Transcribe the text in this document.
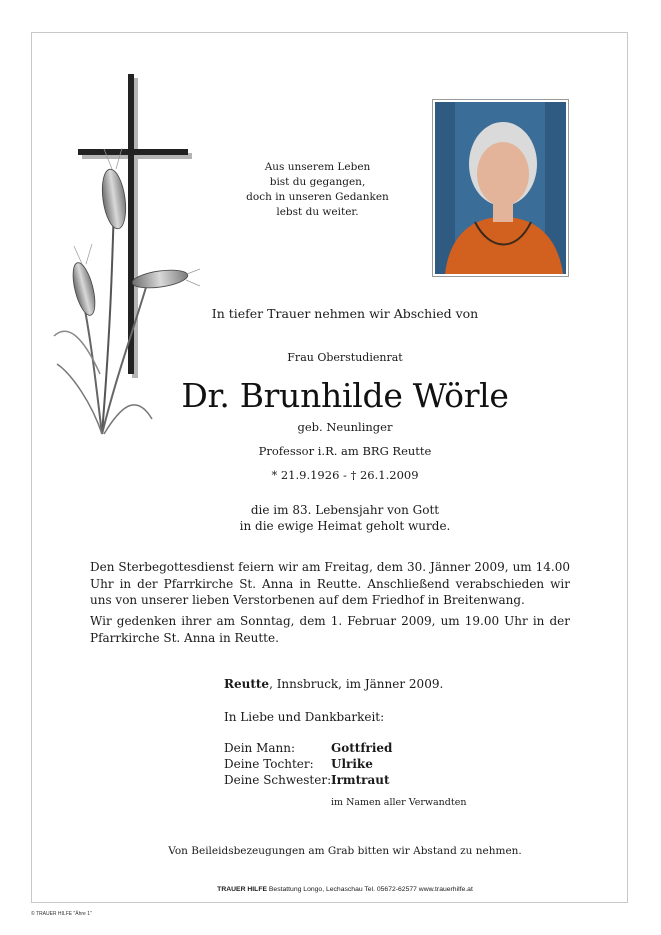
Aus unserem Leben
bist du gegangen,
doch in unseren Gedanken
lebst du weiter.
In tiefer Trauer nehmen wir Abschied von
Frau Oberstudienrat
Dr. Brunhilde Wörle
geb. Neunlinger
Professor i.R. am BRG Reutte
* 21.9.1926 - † 26.1.2009
die im 83. Lebensjahr von Gott
in die ewige Heimat geholt wurde.
Den Sterbegottesdienst feiern wir am Freitag, dem 30. Jänner 2009, um 14.00 Uhr in der Pfarrkirche St. Anna in Reutte. Anschließend verabschieden wir uns von unserer lieben Verstorbenen auf dem Friedhof in Breitenwang.
Wir gedenken ihrer am Sonntag, dem 1. Februar 2009, um 19.00 Uhr in der Pfarrkirche St. Anna in Reutte.
Reutte, Innsbruck, im Jänner 2009.
In Liebe und Dankbarkeit:
Dein Mann:	Gottfried
Deine Tochter: Ulrike
Deine Schwester: Irmtraut
im Namen aller Verwandten
Von Beileidsbezeugungen am Grab bitten wir Abstand zu nehmen.
TRAUER HILFE Bestattung Longo, Lechaschau Tel. 05672-62577 www.trauerhilfe.at
© TRAUER HILFE "Ähre 1"
